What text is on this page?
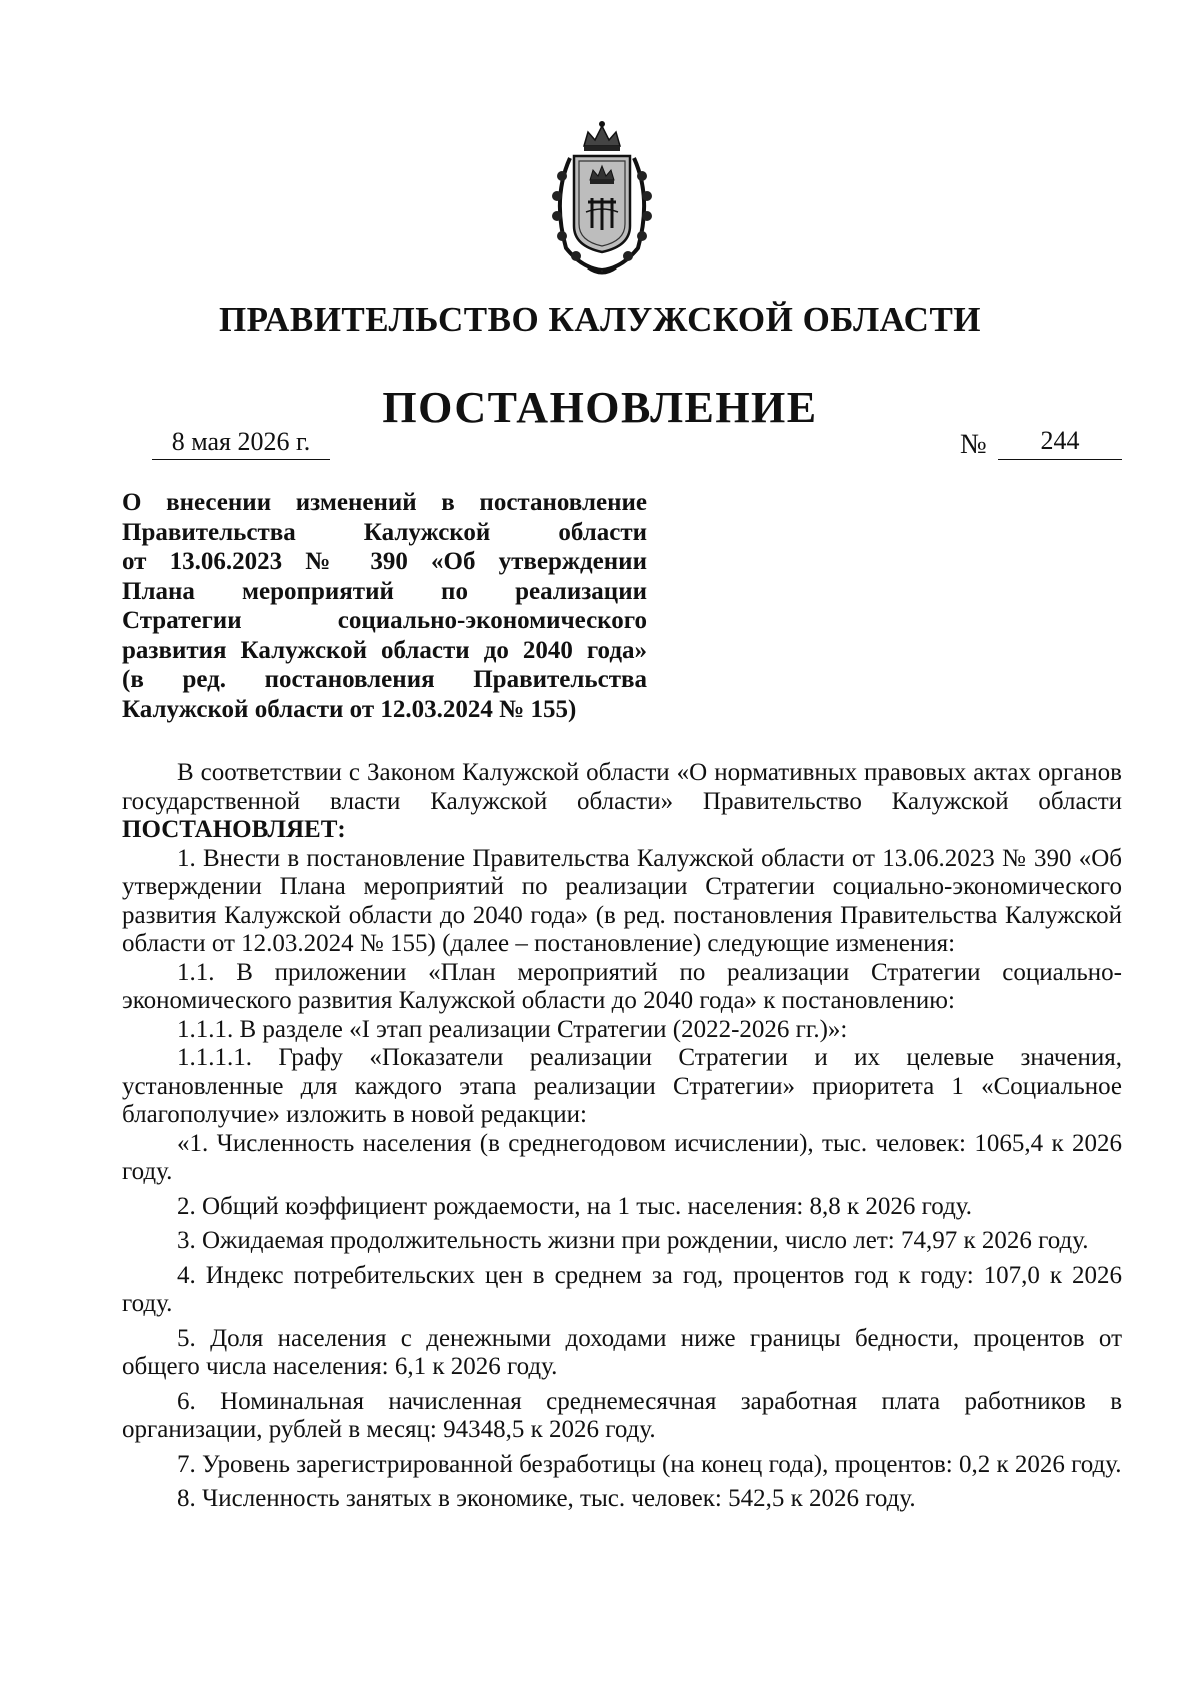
ПРАВИТЕЛЬСТВО КАЛУЖСКОЙ ОБЛАСТИ
ПОСТАНОВЛЕНИЕ
8 мая 2026 г.	№	244
О внесении изменений в постановление
Правительства Калужской области
от 13.06.2023 № 390 «Об утверждении
Плана мероприятий по реализации
Стратегии социально-экономического
развития Калужской области до 2040 года»
(в ред. постановления Правительства
Калужской области от 12.03.2024 № 155)

В соответствии с Законом Калужской области «О нормативных правовых актах органов государственной власти Калужской области» Правительство Калужской области ПОСТАНОВЛЯЕТ:

1. Внести в постановление Правительства Калужской области от 13.06.2023 № 390 «Об утверждении Плана мероприятий по реализации Стратегии социально-экономического развития Калужской области до 2040 года» (в ред. постановления Правительства Калужской области от 12.03.2024 № 155) (далее – постановление) следующие изменения:

1.1. В приложении «План мероприятий по реализации Стратегии социально-экономического развития Калужской области до 2040 года» к постановлению:

1.1.1. В разделе «I этап реализации Стратегии (2022-2026 гг.)»:

1.1.1.1. Графу «Показатели реализации Стратегии и их целевые значения, установленные для каждого этапа реализации Стратегии» приоритета 1 «Социальное благополучие» изложить в новой редакции:

«1. Численность населения (в среднегодовом исчислении), тыс. человек: 1065,4 к 2026 году.

2. Общий коэффициент рождаемости, на 1 тыс. населения: 8,8 к 2026 году.

3. Ожидаемая продолжительность жизни при рождении, число лет: 74,97 к 2026 году.

4. Индекс потребительских цен в среднем за год, процентов год к году: 107,0 к 2026 году.

5. Доля населения с денежными доходами ниже границы бедности, процентов от общего числа населения: 6,1 к 2026 году.

6. Номинальная начисленная среднемесячная заработная плата работников в организации, рублей в месяц: 94348,5 к 2026 году.

7. Уровень зарегистрированной безработицы (на конец года), процентов: 0,2 к 2026 году.

8. Численность занятых в экономике, тыс. человек: 542,5 к 2026 году.
